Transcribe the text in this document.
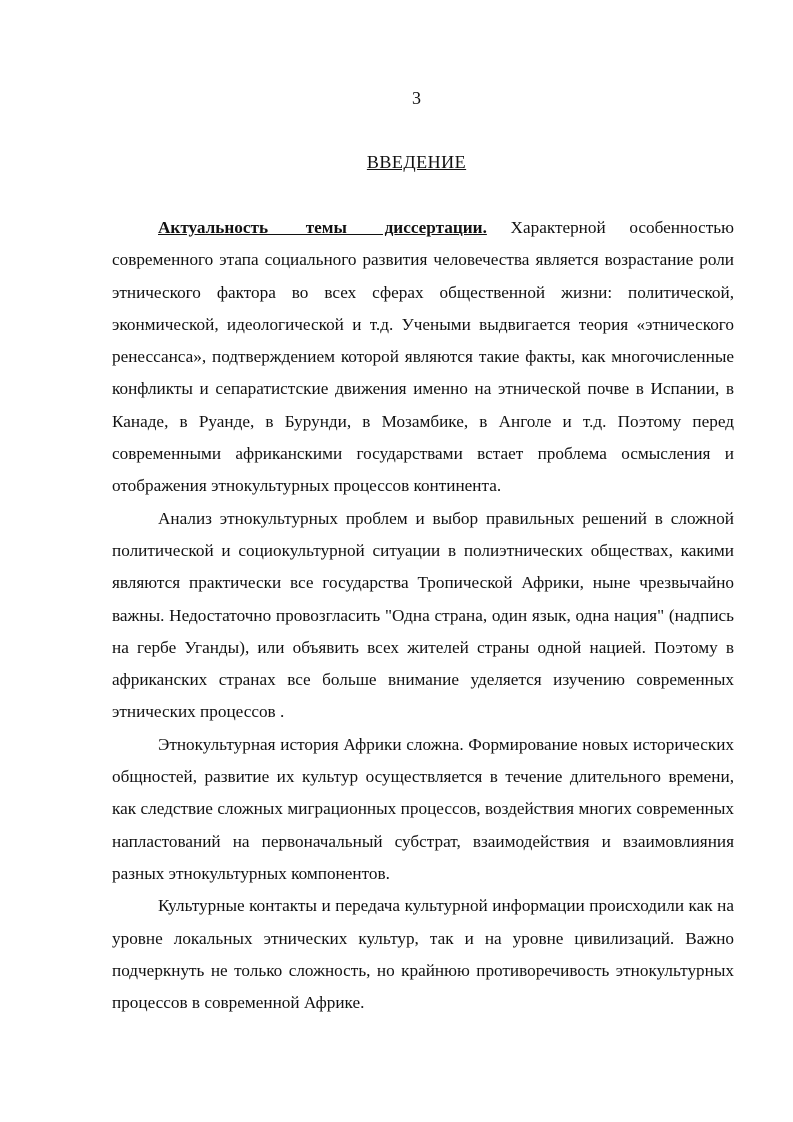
3
ВВЕДЕНИЕ

Актуальность темы диссертации. Характерной особенностью современного этапа социального развития человечества является возрастание роли этнического фактора во всех сферах общественной жизни: политической, эконмической, идеологической и т.д. Учеными выдвигается теория «этнического ренессанса», подтверждением которой являются такие факты, как многочисленные конфликты и сепаратистские движения именно на этнической почве в Испании, в Канаде, в Руанде, в Бурунди, в Мозамбике, в Анголе и т.д. Поэтому перед современными африканскими государствами встает проблема осмысления и отображения этнокультурных процессов континента.

Анализ этнокультурных проблем и выбор правильных решений в сложной политической и социокультурной ситуации в полиэтнических обществах, какими являются практически все государства Тропической Африки, ныне чрезвычайно важны. Недостаточно провозгласить "Одна страна, один язык, одна нация" (надпись на гербе Уганды), или объявить всех жителей страны одной нацией. Поэтому в африканских странах все больше внимание уделяется изучению современных этнических процессов .

Этнокультурная история Африки сложна. Формирование новых исторических общностей, развитие их культур осуществляется в течение длительного времени, как следствие сложных миграционных процессов, воздействия многих современных напластований на первоначальный субстрат, взаимодействия и взаимовлияния разных этнокультурных компонентов.

Культурные контакты и передача культурной информации происходили как на уровне локальных этнических культур, так и на уровне цивилизаций. Важно подчеркнуть не только сложность, но крайнюю противоречивость этнокультурных процессов в современной Африке.
